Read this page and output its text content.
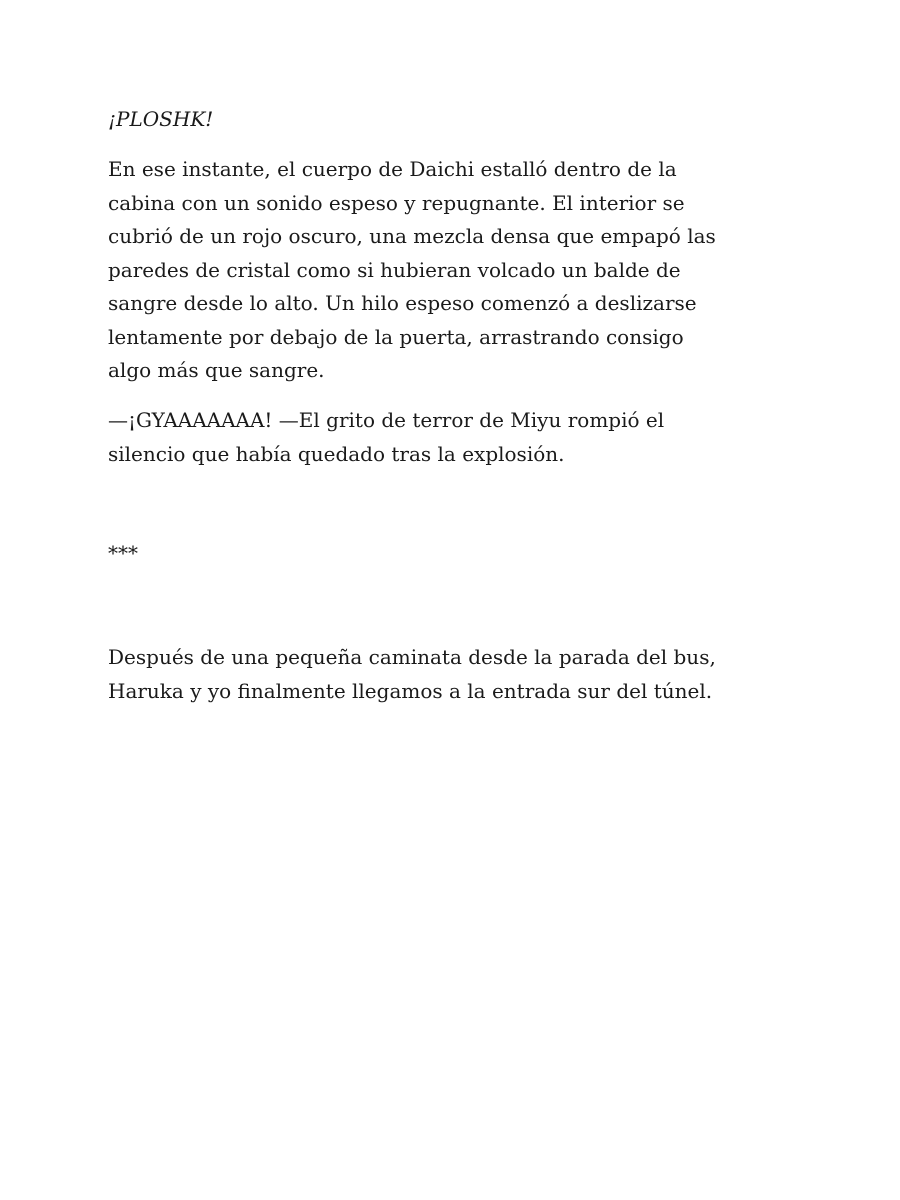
¡PLOSHK!

En ese instante, el cuerpo de Daichi estalló dentro de la
cabina con un sonido espeso y repugnante. El interior se
cubrió de un rojo oscuro, una mezcla densa que empapó las
paredes de cristal como si hubieran volcado un balde de
sangre desde lo alto. Un hilo espeso comenzó a deslizarse
lentamente por debajo de la puerta, arrastrando consigo
algo más que sangre.

—¡GYAAAAAAA! —El grito de terror de Miyu rompió el
silencio que había quedado tras la explosión.

***

Después de una pequeña caminata desde la parada del bus,
Haruka y yo finalmente llegamos a la entrada sur del túnel.
